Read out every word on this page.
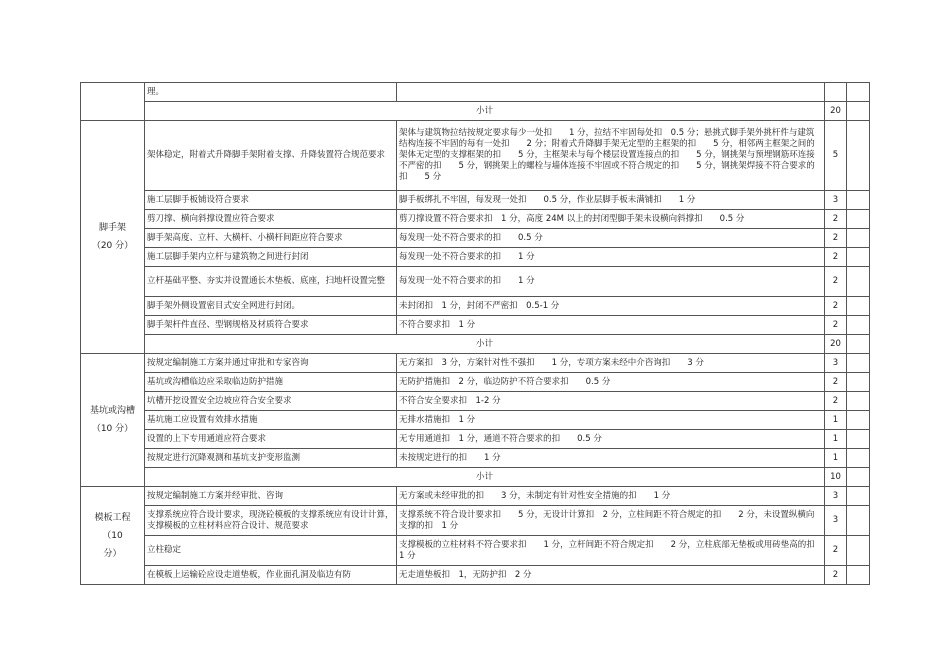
	理。			
	小计		20	

脚手架
（20 分）	架体稳定，附着式升降脚手架附着支撑、升降装置符合规范要求	架体与建筑物拉结按规定要求每少一处扣　　1 分，拉结不牢固每处扣　0.5 分；悬挑式脚手架外挑杆件与建筑结构连接不牢固的每有一处扣　　2 分；附着式升降脚手架无定型的主框架的扣　　5 分，相邻两主框架之间的架体无定型的支撑框架的扣　　5 分，主框架未与每个楼层设置连接点的扣　　5 分，钢挑架与预埋钢筋环连接不严密的扣　　5 分，钢挑架上的螺栓与墙体连接不牢固或不符合规定的扣　　5 分，钢挑架焊接不符合要求的扣　　5 分	5	
	施工层脚手板铺设符合要求	脚手板绑扎不牢固，每发现一处扣　　0.5 分，作业层脚手板未满铺扣　　1 分	3	
	剪刀撑、横向斜撑设置应符合要求	剪刀撑设置不符合要求扣　1 分，高度 24M 以上的封闭型脚手架未设横向斜撑扣　　0.5 分	2	
	脚手架高度、立杆、大横杆、小横杆间距应符合要求	每发现一处不符合要求的扣　　0.5 分	2	
	施工层脚手架内立杆与建筑物之间进行封闭	每发现一处不符合要求的扣　　1 分	2	
	立杆基础平整、夯实并设置通长木垫板、底座，扫地杆设置完整	每发现一处不符合要求的扣　　1 分	2	
	脚手架外侧设置密目式安全网进行封闭。	未封闭扣　1 分，封闭不严密扣　0.5-1 分	2	
	脚手架杆件直径、型钢规格及材质符合要求	不符合要求扣　1 分	2	
	小计		20	

基坑或沟槽
（10 分）	按规定编制施工方案并通过审批和专家咨询	无方案扣　3 分，方案针对性不强扣　　1 分，专项方案未经中介咨询扣　　3 分	3	
	基坑或沟槽临边应采取临边防护措施	无防护措施扣　2 分，临边防护不符合要求扣　　0.5 分	2	
	坑槽开挖设置安全边坡应符合安全要求	不符合安全要求扣　1-2 分	2	
	基坑施工应设置有效排水措施	无排水措施扣　1 分	1	
	设置的上下专用通道应符合要求	无专用通道扣　1 分，通道不符合要求的扣　　0.5 分	1	
	按规定进行沉降观测和基坑支护变形监测	未按规定进行的扣　　1 分	1	
	小计		10	

模板工程　（10
分）	按规定编制施工方案并经审批、咨询	无方案或未经审批的扣　　3 分，未制定有针对性安全措施的扣　　1 分	3	
	支撑系统应符合设计要求，现浇砼模板的支撑系统应有设计计算，支撑模板的立柱材料应符合设计、规范要求	支撑系统不符合设计要求扣　　5 分，无设计计算扣　2 分，立柱间距不符合规定的扣　　2 分，未设置纵横向支撑的扣　1 分	3	
	立柱稳定	支撑模板的立柱材料不符合要求扣　　1 分，立杆间距不符合规定扣　　2 分，立柱底部无垫板或用砖垫高的扣　1 分	2	
	在模板上运输砼应设走道垫板，作业面孔洞及临边有防	无走道垫板扣　1，无防护扣　2 分	2	
